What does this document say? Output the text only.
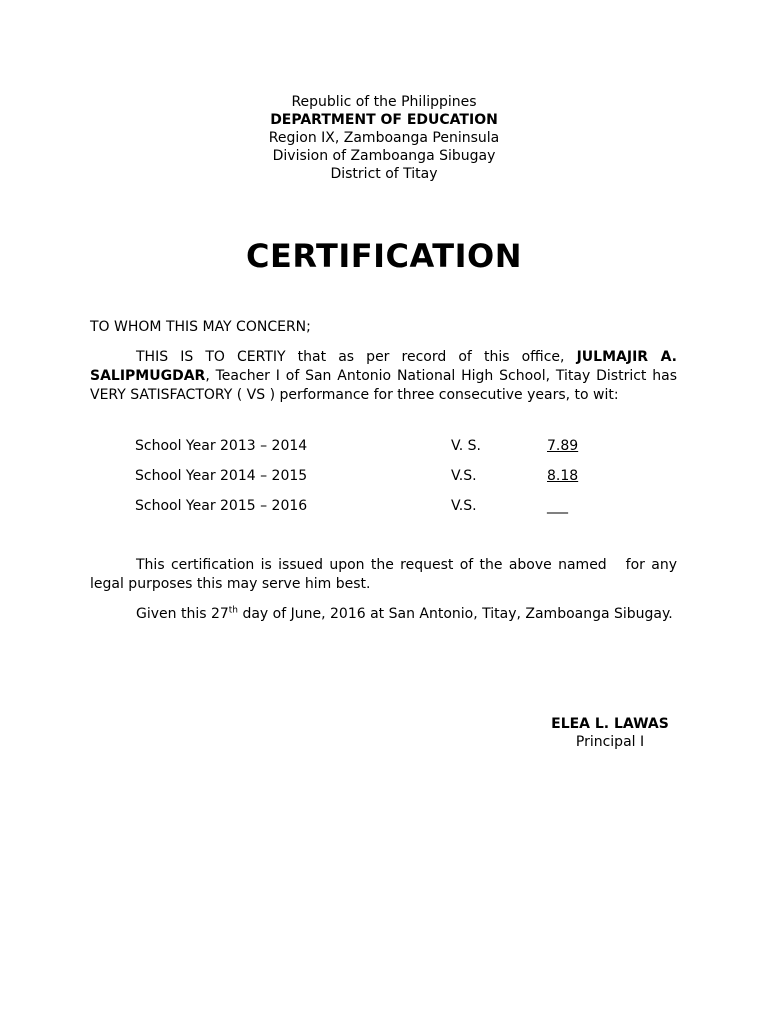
Republic of the Philippines
DEPARTMENT OF EDUCATION
Region IX, Zamboanga Peninsula
Division of Zamboanga Sibugay
District of Titay
CERTIFICATION
TO WHOM THIS MAY CONCERN;
THIS IS TO CERTIY that as per record of this office, JULMAJIR A. SALIPMUGDAR, Teacher I of San Antonio National High School, Titay District has VERY SATISFACTORY ( VS ) performance for three consecutive years, to wit:
School Year 2013 – 2014	V. S.	7.89
School Year 2014 – 2015	V.S.	8.18
School Year 2015 – 2016	V.S.	___
This certification is issued upon the request of the above named   for any legal purposes this may serve him best.
Given this 27th day of June, 2016 at San Antonio, Titay, Zamboanga Sibugay.
ELEA L. LAWAS
Principal I
